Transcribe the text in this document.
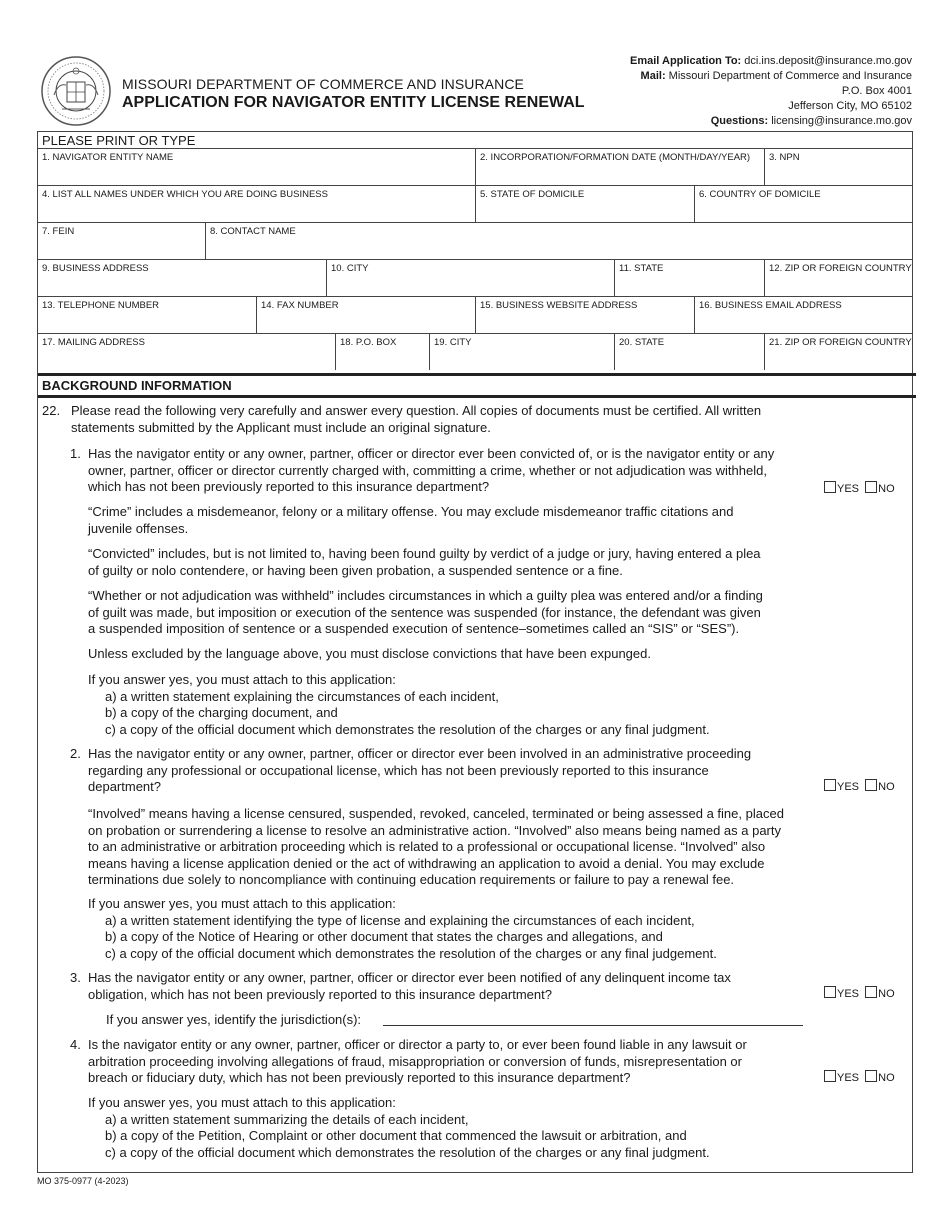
MISSOURI DEPARTMENT OF COMMERCE AND INSURANCE
APPLICATION FOR NAVIGATOR ENTITY LICENSE RENEWAL
Email Application To: dci.ins.deposit@insurance.mo.gov
Mail: Missouri Department of Commerce and Insurance
P.O. Box 4001
Jefferson City, MO 65102
Questions: licensing@insurance.mo.gov
PLEASE PRINT OR TYPE
1. NAVIGATOR ENTITY NAME	2. INCORPORATION/FORMATION DATE (MONTH/DAY/YEAR)	3. NPN
4. LIST ALL NAMES UNDER WHICH YOU ARE DOING BUSINESS	5. STATE OF DOMICILE	6. COUNTRY OF DOMICILE
7. FEIN	8. CONTACT NAME
9. BUSINESS ADDRESS	10. CITY	11. STATE	12. ZIP OR FOREIGN COUNTRY
13. TELEPHONE NUMBER	14. FAX NUMBER	15. BUSINESS WEBSITE ADDRESS	16. BUSINESS EMAIL ADDRESS
17. MAILING ADDRESS	18. P.O. BOX	19. CITY	20. STATE	21. ZIP OR FOREIGN COUNTRY
BACKGROUND INFORMATION
22. Please read the following very carefully and answer every question. All copies of documents must be certified. All written
statements submitted by the Applicant must include an original signature.
1. Has the navigator entity or any owner, partner, officer or director ever been convicted of, or is the navigator entity or any
owner, partner, officer or director currently charged with, committing a crime, whether or not adjudication was withheld,
which has not been previously reported to this insurance department?	YES NO
“Crime” includes a misdemeanor, felony or a military offense. You may exclude misdemeanor traffic citations and
juvenile offenses.
“Convicted” includes, but is not limited to, having been found guilty by verdict of a judge or jury, having entered a plea
of guilty or nolo contendere, or having been given probation, a suspended sentence or a fine.
“Whether or not adjudication was withheld” includes circumstances in which a guilty plea was entered and/or a finding
of guilt was made, but imposition or execution of the sentence was suspended (for instance, the defendant was given
a suspended imposition of sentence or a suspended execution of sentence–sometimes called an “SIS” or “SES”).
Unless excluded by the language above, you must disclose convictions that have been expunged.
If you answer yes, you must attach to this application:
a) a written statement explaining the circumstances of each incident,
b) a copy of the charging document, and
c) a copy of the official document which demonstrates the resolution of the charges or any final judgment.
2. Has the navigator entity or any owner, partner, officer or director ever been involved in an administrative proceeding
regarding any professional or occupational license, which has not been previously reported to this insurance
department?	YES NO
“Involved” means having a license censured, suspended, revoked, canceled, terminated or being assessed a fine, placed
on probation or surrendering a license to resolve an administrative action. “Involved” also means being named as a party
to an administrative or arbitration proceeding which is related to a professional or occupational license. “Involved” also
means having a license application denied or the act of withdrawing an application to avoid a denial. You may exclude
terminations due solely to noncompliance with continuing education requirements or failure to pay a renewal fee.
If you answer yes, you must attach to this application:
a) a written statement identifying the type of license and explaining the circumstances of each incident,
b) a copy of the Notice of Hearing or other document that states the charges and allegations, and
c) a copy of the official document which demonstrates the resolution of the charges or any final judgement.
3. Has the navigator entity or any owner, partner, officer or director ever been notified of any delinquent income tax
obligation, which has not been previously reported to this insurance department?	YES NO
If you answer yes, identify the jurisdiction(s):
4. Is the navigator entity or any owner, partner, officer or director a party to, or ever been found liable in any lawsuit or
arbitration proceeding involving allegations of fraud, misappropriation or conversion of funds, misrepresentation or
breach or fiduciary duty, which has not been previously reported to this insurance department?	YES NO
If you answer yes, you must attach to this application:
a) a written statement summarizing the details of each incident,
b) a copy of the Petition, Complaint or other document that commenced the lawsuit or arbitration, and
c) a copy of the official document which demonstrates the resolution of the charges or any final judgment.
MO 375-0977 (4-2023)
